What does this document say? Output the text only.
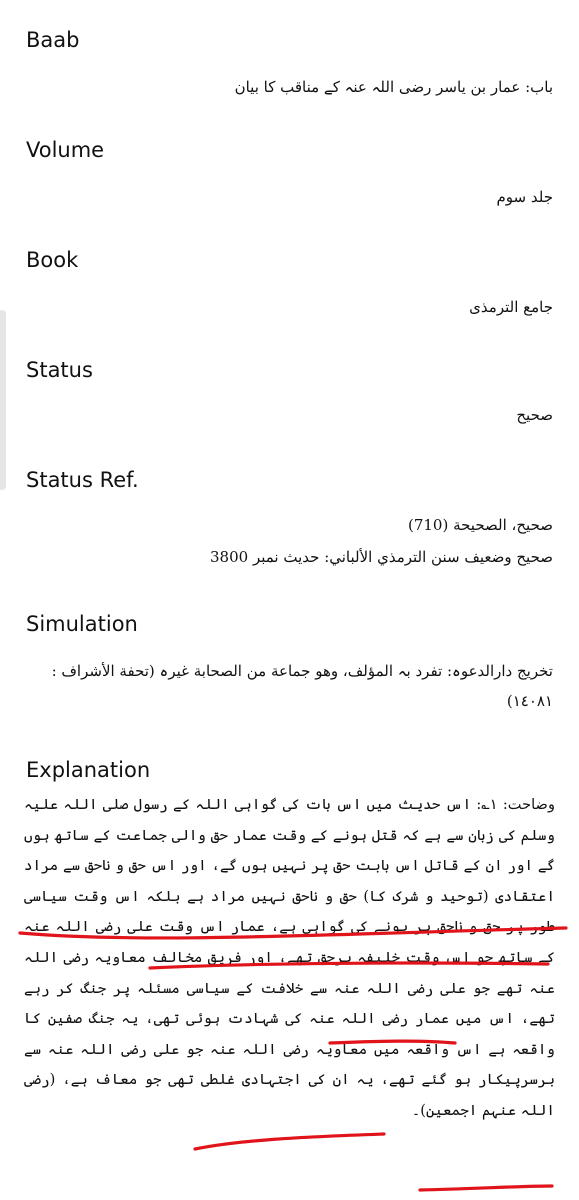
Baab
باب: عمار بن یاسر رضی اللہ عنہ کے مناقب کا بیان
Volume
جلد سوم
Book
جامع الترمذی
Status
صحیح
Status Ref.
صحيح، الصحيحة (710)
صحيح وضعيف سنن الترمذي الألباني: حديث نمبر 3800
Simulation
تخريج دارالدعوہ: تفرد بہ المؤلف، وھو جماعة من الصحابة غیرہ (تحفة الأشراف : ١٤٠٨١)
Explanation
وضاحت: ۱؎: اس حدیث میں اس بات کی گواہی اللہ کے رسول صلی اللہ علیہ وسلم کی زبان سے ہے کہ قتل ہونے کے وقت عمار حق والی جماعت کے ساتھ ہوں گے اور ان کے قاتل اس بابت حق پر نہیں ہوں گے، اور اس حق و ناحق سے مراد اعتقادی (توحید و شرک کا) حق و ناحق نہیں مراد ہے بلکہ اس وقت سیاسی طور پر حق و ناحق پر ہونے کی گواہی ہے، عمار اس وقت علی رضی اللہ عنہ کے ساتھ جو اس وقت خلیفہ برحق تھے، اور فریق مخالف معاویہ رضی اللہ عنہ تھے جو علی رضی اللہ عنہ سے خلافت کے سیاسی مسئلہ پر جنگ کر رہے تھے، اس میں عمار رضی اللہ عنہ کی شہادت ہوئی تھی، یہ جنگ صفین کا واقعہ ہے اس واقعہ میں معاویہ رضی اللہ عنہ جو علی رضی اللہ عنہ سے برسرپیکار ہو گئے تھے، یہ ان کی اجتہادی غلطی تھی جو معاف ہے، (رضی اللہ عنہم اجمعین)۔
